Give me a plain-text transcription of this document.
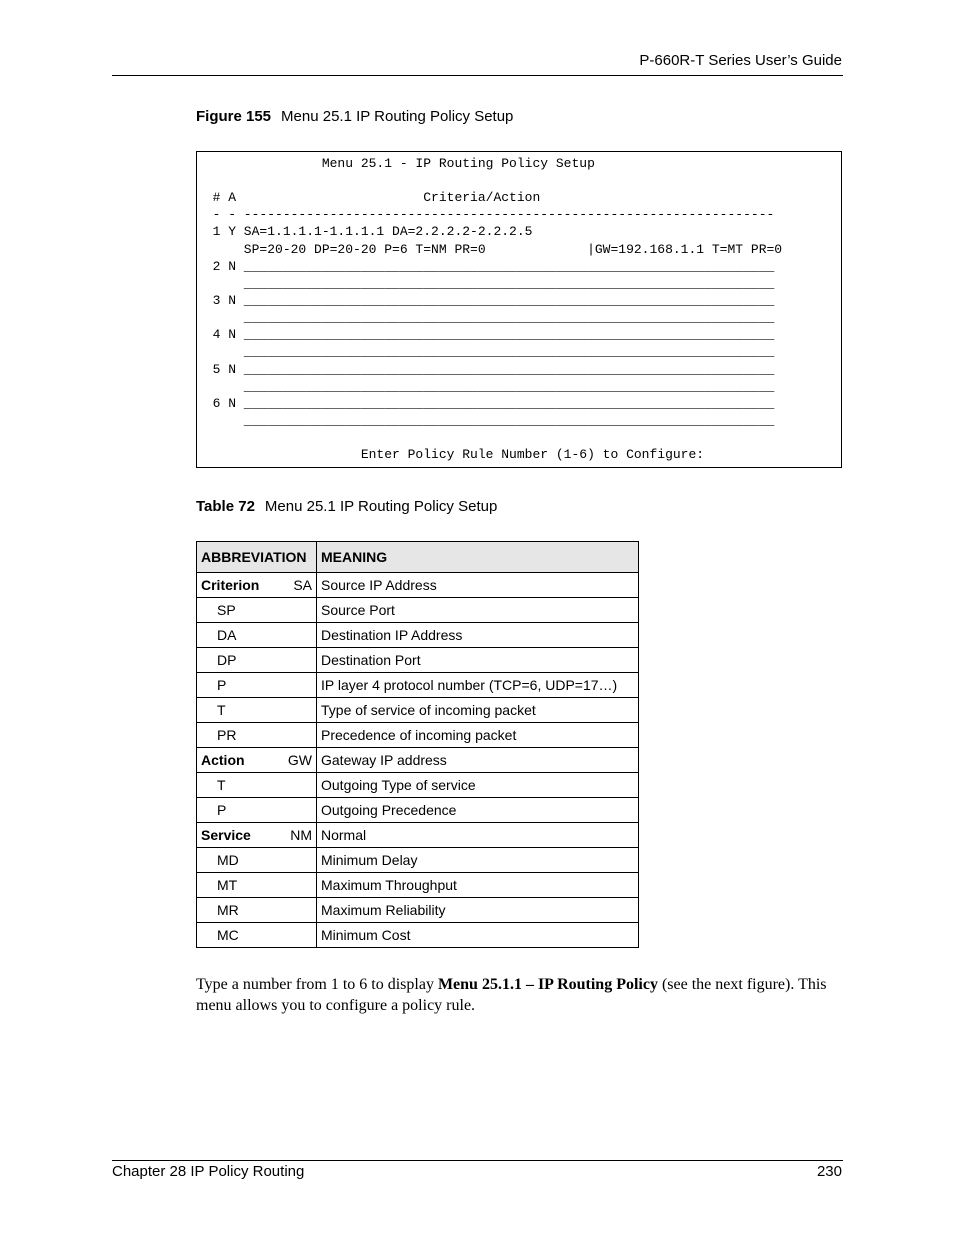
P-660R-T Series User’s Guide
Figure 155 Menu 25.1 IP Routing Policy Setup
Menu 25.1 - IP Routing Policy Setup
# A                        Criteria/Action
- - --------------------------------------------------------------------
1 Y SA=1.1.1.1-1.1.1.1 DA=2.2.2.2-2.2.2.5
SP=20-20 DP=20-20 P=6 T=NM PR=0             |GW=192.168.1.1 T=MT PR=0
2 N ____________________________________________________________________
____________________________________________________________________
3 N ____________________________________________________________________
____________________________________________________________________
4 N ____________________________________________________________________
____________________________________________________________________
5 N ____________________________________________________________________
____________________________________________________________________
6 N ____________________________________________________________________
____________________________________________________________________
Enter Policy Rule Number (1-6) to Configure:
Table 72 Menu 25.1 IP Routing Policy Setup
ABBREVIATION	MEANING

Criterion SA	Source IP Address
SP	Source Port
DA	Destination IP Address
DP	Destination Port
P	IP layer 4 protocol number (TCP=6, UDP=17…)
T	Type of service of incoming packet
PR	Precedence of incoming packet

Action GW	Gateway IP address
T	Outgoing Type of service
P	Outgoing Precedence

Service NM	Normal
MD	Minimum Delay
MT	Maximum Throughput
MR	Maximum Reliability
MC	Minimum Cost
Type a number from 1 to 6 to display Menu 25.1.1 – IP Routing Policy (see the next figure). This menu allows you to configure a policy rule.
Chapter 28 IP Policy Routing	230
